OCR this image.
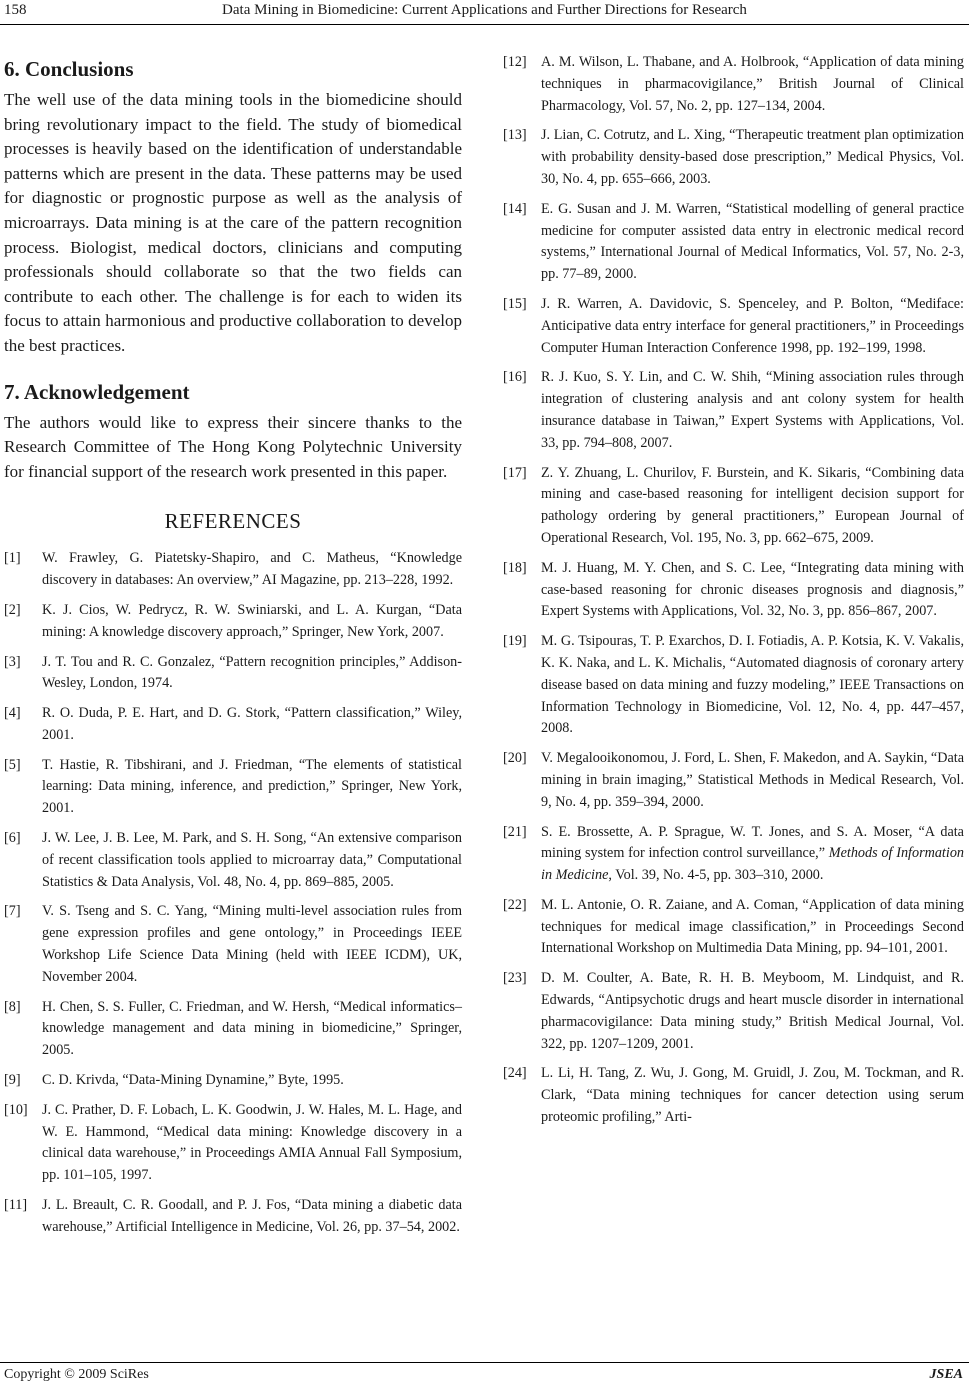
158	Data Mining in Biomedicine: Current Applications and Further Directions for Research
6. Conclusions

The well use of the data mining tools in the biomedicine should bring revolutionary impact to the field. The study of biomedical processes is heavily based on the identification of understandable patterns which are present in the data. These patterns may be used for diagnostic or prognostic purpose as well as the analysis of microarrays. Data mining is at the care of the pattern recognition process. Biologist, medical doctors, clinicians and computing professionals should collaborate so that the two fields can contribute to each other. The challenge is for each to widen its focus to attain harmonious and productive collaboration to develop the best practices.

7. Acknowledgement

The authors would like to express their sincere thanks to the Research Committee of The Hong Kong Polytechnic University for financial support of the research work presented in this paper.

REFERENCES
[1]	W. Frawley, G. Piatetsky-Shapiro, and C. Matheus, “Knowledge discovery in databases: An overview,” AI Magazine, pp. 213–228, 1992.
[2]	K. J. Cios, W. Pedrycz, R. W. Swiniarski, and L. A. Kurgan, “Data mining: A knowledge discovery approach,” Springer, New York, 2007.
[3]	J. T. Tou and R. C. Gonzalez, “Pattern recognition principles,” Addison-Wesley, London, 1974.
[4]	R. O. Duda, P. E. Hart, and D. G. Stork, “Pattern classification,” Wiley, 2001.
[5]	T. Hastie, R. Tibshirani, and J. Friedman, “The elements of statistical learning: Data mining, inference, and prediction,” Springer, New York, 2001.
[6]	J. W. Lee, J. B. Lee, M. Park, and S. H. Song, “An extensive comparison of recent classification tools applied to microarray data,” Computational Statistics & Data Analysis, Vol. 48, No. 4, pp. 869–885, 2005.
[7]	V. S. Tseng and S. C. Yang, “Mining multi-level association rules from gene expression profiles and gene ontology,” in Proceedings IEEE Workshop Life Science Data Mining (held with IEEE ICDM), UK, November 2004.
[8]	H. Chen, S. S. Fuller, C. Friedman, and W. Hersh, “Medical informatics–knowledge management and data mining in biomedicine,” Springer, 2005.
[9]	C. D. Krivda, “Data-Mining Dynamine,” Byte, 1995.
[10]	J. C. Prather, D. F. Lobach, L. K. Goodwin, J. W. Hales, M. L. Hage, and W. E. Hammond, “Medical data mining: Knowledge discovery in a clinical data warehouse,” in Proceedings AMIA Annual Fall Symposium, pp. 101–105, 1997.
[11]	J. L. Breault, C. R. Goodall, and P. J. Fos, “Data mining a diabetic data warehouse,” Artificial Intelligence in Medicine, Vol. 26, pp. 37–54, 2002.
[12]	A. M. Wilson, L. Thabane, and A. Holbrook, “Application of data mining techniques in pharmacovigilance,” British Journal of Clinical Pharmacology, Vol. 57, No. 2, pp. 127–134, 2004.
[13]	J. Lian, C. Cotrutz, and L. Xing, “Therapeutic treatment plan optimization with probability density-based dose prescription,” Medical Physics, Vol. 30, No. 4, pp. 655–666, 2003.
[14]	E. G. Susan and J. M. Warren, “Statistical modelling of general practice medicine for computer assisted data entry in electronic medical record systems,” International Journal of Medical Informatics, Vol. 57, No. 2-3, pp. 77–89, 2000.
[15]	J. R. Warren, A. Davidovic, S. Spenceley, and P. Bolton, “Mediface: Anticipative data entry interface for general practitioners,” in Proceedings Computer Human Interaction Conference 1998, pp. 192–199, 1998.
[16]	R. J. Kuo, S. Y. Lin, and C. W. Shih, “Mining association rules through integration of clustering analysis and ant colony system for health insurance database in Taiwan,” Expert Systems with Applications, Vol. 33, pp. 794–808, 2007.
[17]	Z. Y. Zhuang, L. Churilov, F. Burstein, and K. Sikaris, “Combining data mining and case-based reasoning for intelligent decision support for pathology ordering by general practitioners,” European Journal of Operational Research, Vol. 195, No. 3, pp. 662–675, 2009.
[18]	M. J. Huang, M. Y. Chen, and S. C. Lee, “Integrating data mining with case-based reasoning for chronic diseases prognosis and diagnosis,” Expert Systems with Applications, Vol. 32, No. 3, pp. 856–867, 2007.
[19]	M. G. Tsipouras, T. P. Exarchos, D. I. Fotiadis, A. P. Kotsia, K. V. Vakalis, K. K. Naka, and L. K. Michalis, “Automated diagnosis of coronary artery disease based on data mining and fuzzy modeling,” IEEE Transactions on Information Technology in Biomedicine, Vol. 12, No. 4, pp. 447–457, 2008.
[20]	V. Megalooikonomou, J. Ford, L. Shen, F. Makedon, and A. Saykin, “Data mining in brain imaging,” Statistical Methods in Medical Research, Vol. 9, No. 4, pp. 359–394, 2000.
[21]	S. E. Brossette, A. P. Sprague, W. T. Jones, and S. A. Moser, “A data mining system for infection control surveillance,” Methods of Information in Medicine, Vol. 39, No. 4-5, pp. 303–310, 2000.
[22]	M. L. Antonie, O. R. Zaiane, and A. Coman, “Application of data mining techniques for medical image classification,” in Proceedings Second International Workshop on Multimedia Data Mining, pp. 94–101, 2001.
[23]	D. M. Coulter, A. Bate, R. H. B. Meyboom, M. Lindquist, and R. Edwards, “Antipsychotic drugs and heart muscle disorder in international pharmacovigilance: Data mining study,” British Medical Journal, Vol. 322, pp. 1207–1209, 2001.
[24]	L. Li, H. Tang, Z. Wu, J. Gong, M. Gruidl, J. Zou, M. Tockman, and R. Clark, “Data mining techniques for cancer detection using serum proteomic profiling,” Arti-
Copyright © 2009 SciRes	JSEA
